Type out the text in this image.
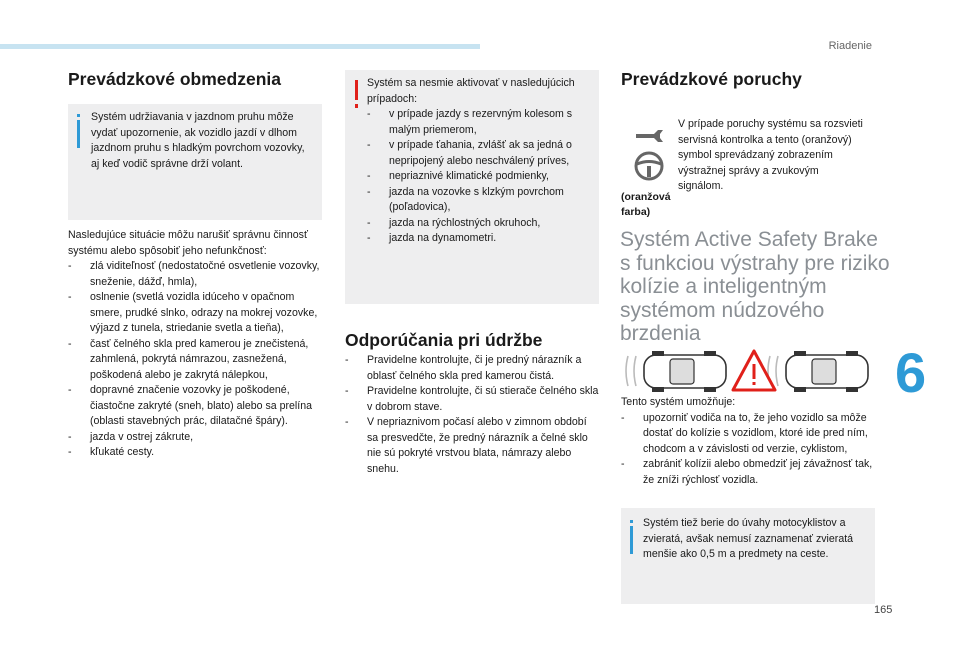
Riadenie
Prevádzkové obmedzenia
Systém udržiavania v jazdnom pruhu môže vydať upozornenie, ak vozidlo jazdí v dlhom jazdnom pruhu s hladkým povrchom vozovky, aj keď vodič správne drží volant.

Nasledujúce situácie môžu narušiť správnu činnosť systému alebo spôsobiť jeho nefunkčnosť:

- zlá viditeľnosť (nedostatočné osvetlenie vozovky, sneženie, dážď, hmla),
- oslnenie (svetlá vozidla idúceho v opačnom smere, prudké slnko, odrazy na mokrej vozovke, výjazd z tunela, striedanie svetla a tieňa),
- časť čelného skla pred kamerou je znečistená, zahmlená, pokrytá námrazou, zasnežená, poškodená alebo je zakrytá nálepkou,
- dopravné značenie vozovky je poškodené, čiastočne zakryté (sneh, blato) alebo sa prelína (oblasti stavebných prác, dilatačné špáry).
- jazda v ostrej zákrute,
- kľukaté cesty.

Systém sa nesmie aktivovať v nasledujúcich prípadoch:

- v prípade jazdy s rezervným kolesom s malým priemerom,
- v prípade ťahania, zvlášť ak sa jedná o nepripojený alebo neschválený príves,
- nepriaznivé klimatické podmienky,
- jazda na vozovke s klzkým povrchom (poľadovica),
- jazda na rýchlostných okruhoch,
- jazda na dynamometri.
Odporúčania pri údržbe
- Pravidelne kontrolujte, či je predný nárazník a oblasť čelného skla pred kamerou čistá.
- Pravidelne kontrolujte, či sú stierače čelného skla v dobrom stave.
- V nepriaznivom počasí alebo v zimnom období sa presvedčte, že predný nárazník a čelné sklo nie sú pokryté vrstvou blata, námrazy alebo snehu.
Prevádzkové poruchy
(oranžová farba)
V prípade poruchy systému sa rozsvieti servisná kontrolka a tento (oranžový) symbol sprevádzaný zobrazením výstražnej správy a zvukovým signálom.
Systém Active Safety Brake s funkciou výstrahy pre riziko kolízie a inteligentným systémom núdzového brzdenia

Tento systém umožňuje:

- upozorniť vodiča na to, že jeho vozidlo sa môže dostať do kolízie s vozidlom, ktoré ide pred ním, chodcom a v závislosti od verzie, cyklistom,
- zabrániť kolízii alebo obmedziť jej závažnosť tak, že zníži rýchlosť vozidla.
Systém tiež berie do úvahy motocyklistov a zvieratá, avšak nemusí zaznamenať zvieratá menšie ako 0,5 m a predmety na ceste.
6
165
